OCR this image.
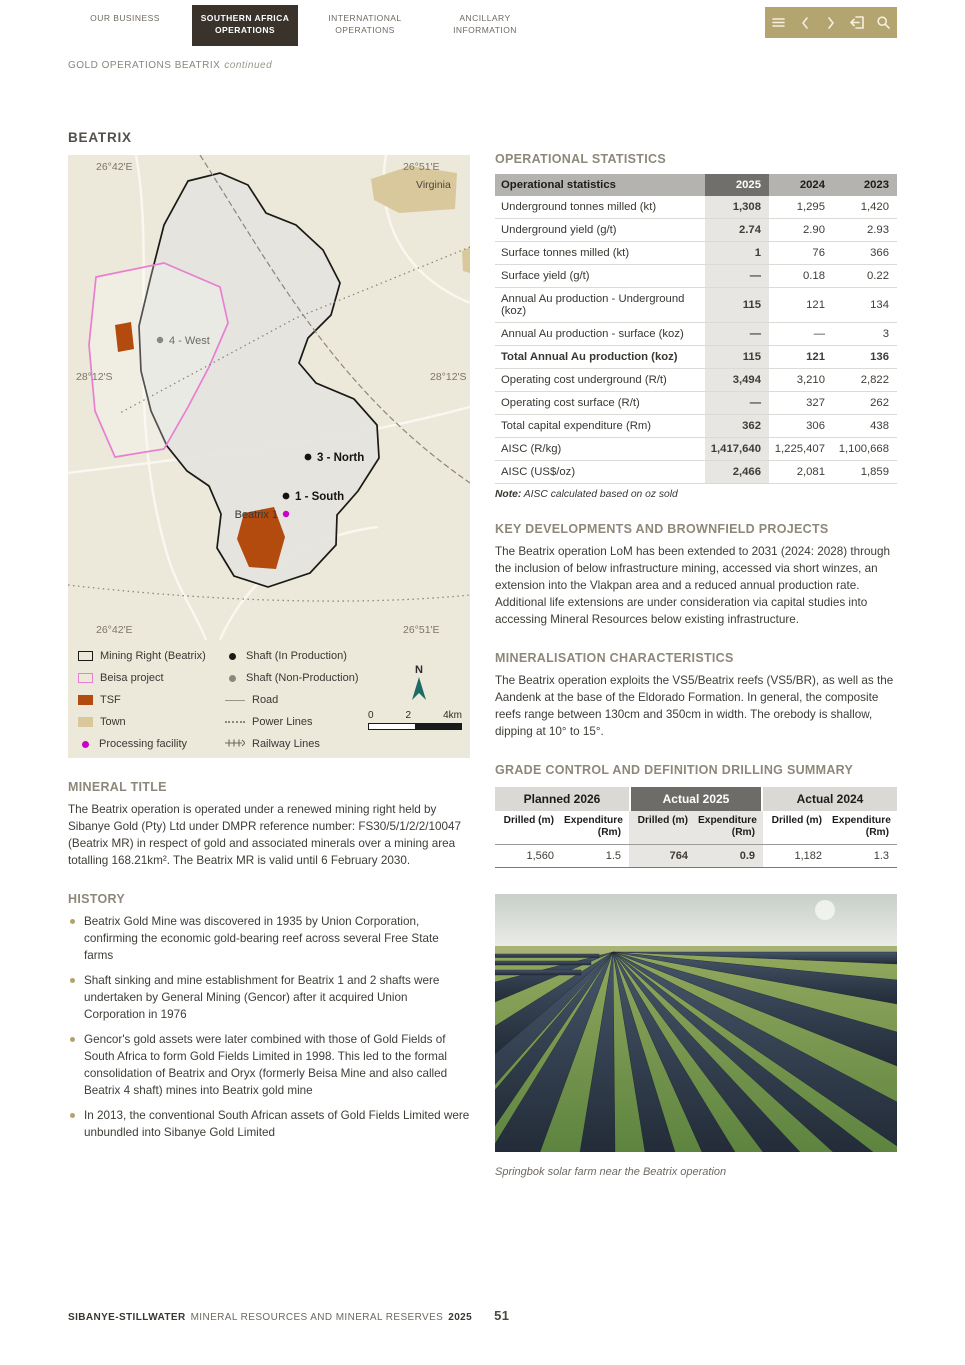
OUR BUSINESS	SOUTHERN AFRICA OPERATIONS
INTERNATIONAL OPERATIONS
ANCILLARY INFORMATION
GOLD OPERATIONS BEATRIX continued
BEATRIX
26°42'E	26°51'E
Virginia
28°12'S	28°12'S
26°42'E	26°51'E
4 - West
3 - North
1 - South
Beatrix 1
Mining Right (Beatrix)
Beisa project
TSF
Town
Processing facility
Shaft (In Production)
Shaft (Non-Production)
Road
Power Lines
Railway Lines
N
0	2	4km
MINERAL TITLE

The Beatrix operation is operated under a renewed mining right held by Sibanye Gold (Pty) Ltd under DMPR reference number: FS30/5/1/2/2/10047 (Beatrix MR) in respect of gold and associated minerals over a mining area totalling 168.21km². The Beatrix MR is valid until 6 February 2030.

HISTORY
Beatrix Gold Mine was discovered in 1935 by Union Corporation, confirming the economic gold-bearing reef across several Free State farms
Shaft sinking and mine establishment for Beatrix 1 and 2 shafts were undertaken by General Mining (Gencor) after it acquired Union Corporation in 1976
Gencor's gold assets were later combined with those of Gold Fields of South Africa to form Gold Fields Limited in 1998. This led to the formal consolidation of Beatrix and Oryx (formerly Beisa Mine and also called Beatrix 4 shaft) mines into Beatrix gold mine
In 2013, the conventional South African assets of Gold Fields Limited were unbundled into Sibanye Gold Limited
OPERATIONAL STATISTICS
Operational statistics	2025	2024	2023
Underground tonnes milled (kt)	1,308	1,295	1,420
Underground yield (g/t)	2.74	2.90	2.93
Surface tonnes milled (kt)	1	76	366
Surface yield (g/t)	—	0.18	0.22
Annual Au production - Underground (koz)	115	121	134
Annual Au production - surface (koz)	—	—	3
Total Annual Au production (koz)	115	121	136
Operating cost underground (R/t)	3,494	3,210	2,822
Operating cost surface (R/t)	—	327	262
Total capital expenditure (Rm)	362	306	438
AISC (R/kg)	1,417,640	1,225,407	1,100,668
AISC (US$/oz)	2,466	2,081	1,859
Note: AISC calculated based on oz sold
KEY DEVELOPMENTS AND BROWNFIELD PROJECTS

The Beatrix operation LoM has been extended to 2031 (2024: 2028) through the inclusion of below infrastructure mining, accessed via short winzes, an extension into the Vlakpan area and a reduced annual production rate. Additional life extensions are under consideration via capital studies into accessing Mineral Resources below existing infrastructure.

MINERALISATION CHARACTERISTICS

The Beatrix operation exploits the VS5/Beatrix reefs (VS5/BR), as well as the Aandenk at the base of the Eldorado Formation. In general, the composite reefs range between 130cm and 350cm in width. The orebody is shallow, dipping at 10° to 15°.

GRADE CONTROL AND DEFINITION DRILLING SUMMARY
Planned 2026	Actual 2025	Actual 2024
Drilled (m) Expenditure (Rm)
Drilled (m) Expenditure (Rm)
Drilled (m) Expenditure (Rm)
1,560	1.5	764	0.9	1,182	1.3
Springbok solar farm near the Beatrix operation
SIBANYE-STILLWATER MINERAL RESOURCES AND MINERAL RESERVES 2025 51
